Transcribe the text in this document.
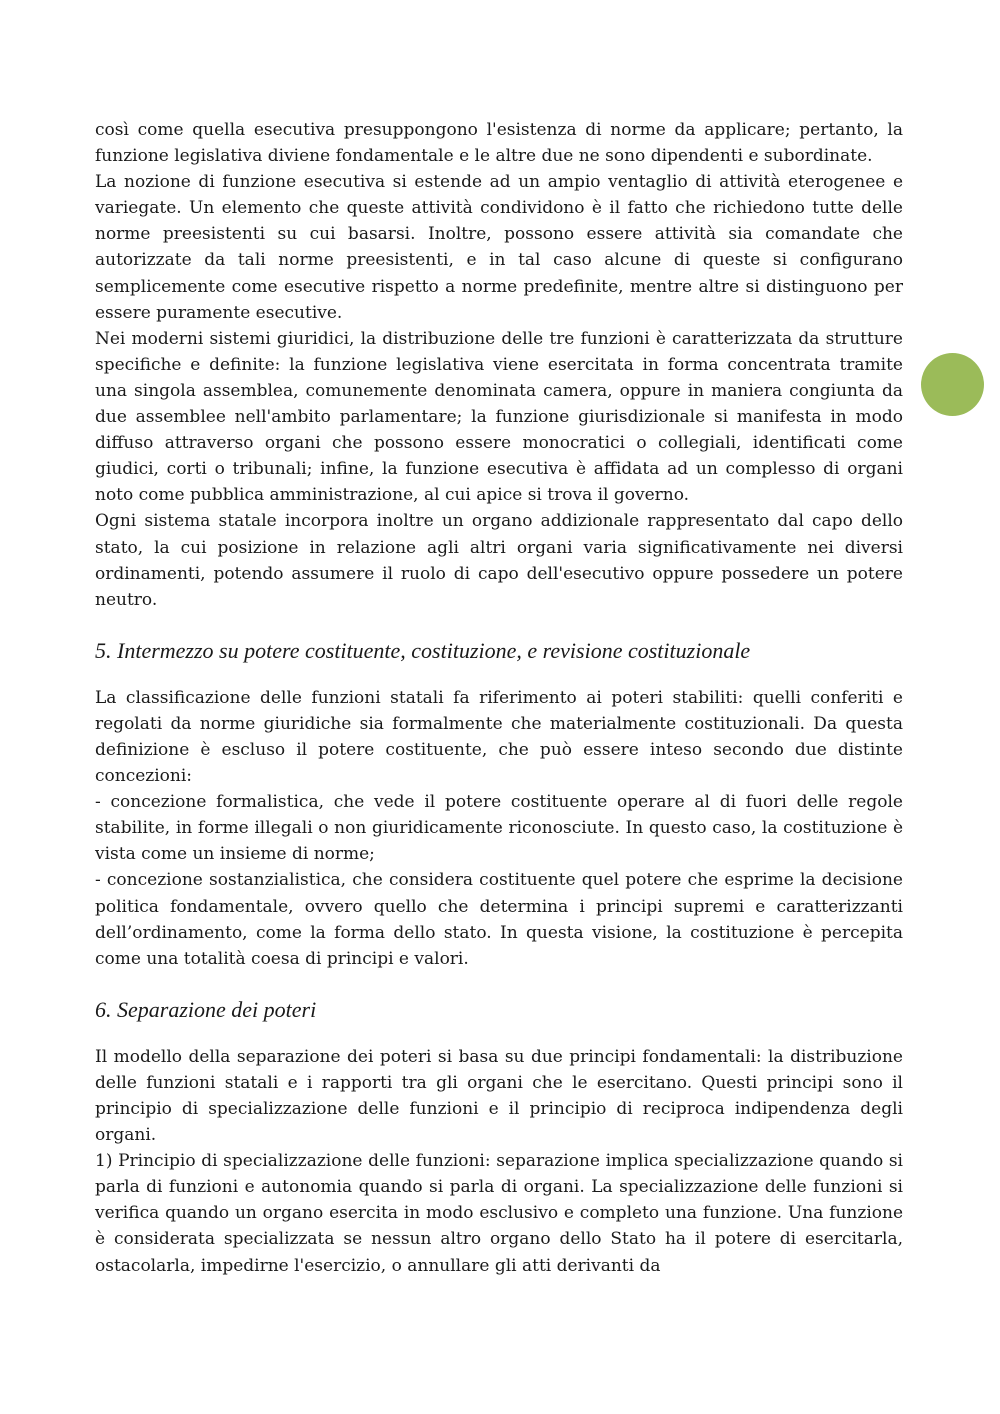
così come quella esecutiva presuppongono l'esistenza di norme da applicare; pertanto, la funzione legislativa diviene fondamentale e le altre due ne sono dipendenti e subordinate.

La nozione di funzione esecutiva si estende ad un ampio ventaglio di attività eterogenee e variegate. Un elemento che queste attività condividono è il fatto che richiedono tutte delle norme preesistenti su cui basarsi. Inoltre, possono essere attività sia comandate che autorizzate da tali norme preesistenti, e in tal caso alcune di queste si configurano semplicemente come esecutive rispetto a norme predefinite, mentre altre si distinguono per essere puramente esecutive.

Nei moderni sistemi giuridici, la distribuzione delle tre funzioni è caratterizzata da strutture specifiche e definite: la funzione legislativa viene esercitata in forma concentrata tramite una singola assemblea, comunemente denominata camera, oppure in maniera congiunta da due assemblee nell'ambito parlamentare; la funzione giurisdizionale si manifesta in modo diffuso attraverso organi che possono essere monocratici o collegiali, identificati come giudici, corti o tribunali; infine, la funzione esecutiva è affidata ad un complesso di organi noto come pubblica amministrazione, al cui apice si trova il governo.

Ogni sistema statale incorpora inoltre un organo addizionale rappresentato dal capo dello stato, la cui posizione in relazione agli altri organi varia significativamente nei diversi ordinamenti, potendo assumere il ruolo di capo dell'esecutivo oppure possedere un potere neutro.

5. Intermezzo su potere costituente, costituzione, e revisione costituzionale

La classificazione delle funzioni statali fa riferimento ai poteri stabiliti: quelli conferiti e regolati da norme giuridiche sia formalmente che materialmente costituzionali. Da questa definizione è escluso il potere costituente, che può essere inteso secondo due distinte concezioni:

- concezione formalistica, che vede il potere costituente operare al di fuori delle regole stabilite, in forme illegali o non giuridicamente riconosciute. In questo caso, la costituzione è vista come un insieme di norme;

- concezione sostanzialistica, che considera costituente quel potere che esprime la decisione politica fondamentale, ovvero quello che determina i principi supremi e caratterizzanti dell’ordinamento, come la forma dello stato. In questa visione, la costituzione è percepita come una totalità coesa di principi e valori.

6. Separazione dei poteri

Il modello della separazione dei poteri si basa su due principi fondamentali: la distribuzione delle funzioni statali e i rapporti tra gli organi che le esercitano. Questi principi sono il principio di specializzazione delle funzioni e il principio di reciproca indipendenza degli organi.

1) Principio di specializzazione delle funzioni: separazione implica specializzazione quando si parla di funzioni e autonomia quando si parla di organi. La specializzazione delle funzioni si verifica quando un organo esercita in modo esclusivo e completo una funzione. Una funzione è considerata specializzata se nessun altro organo dello Stato ha il potere di esercitarla, ostacolarla, impedirne l'esercizio, o annullare gli atti derivanti da
